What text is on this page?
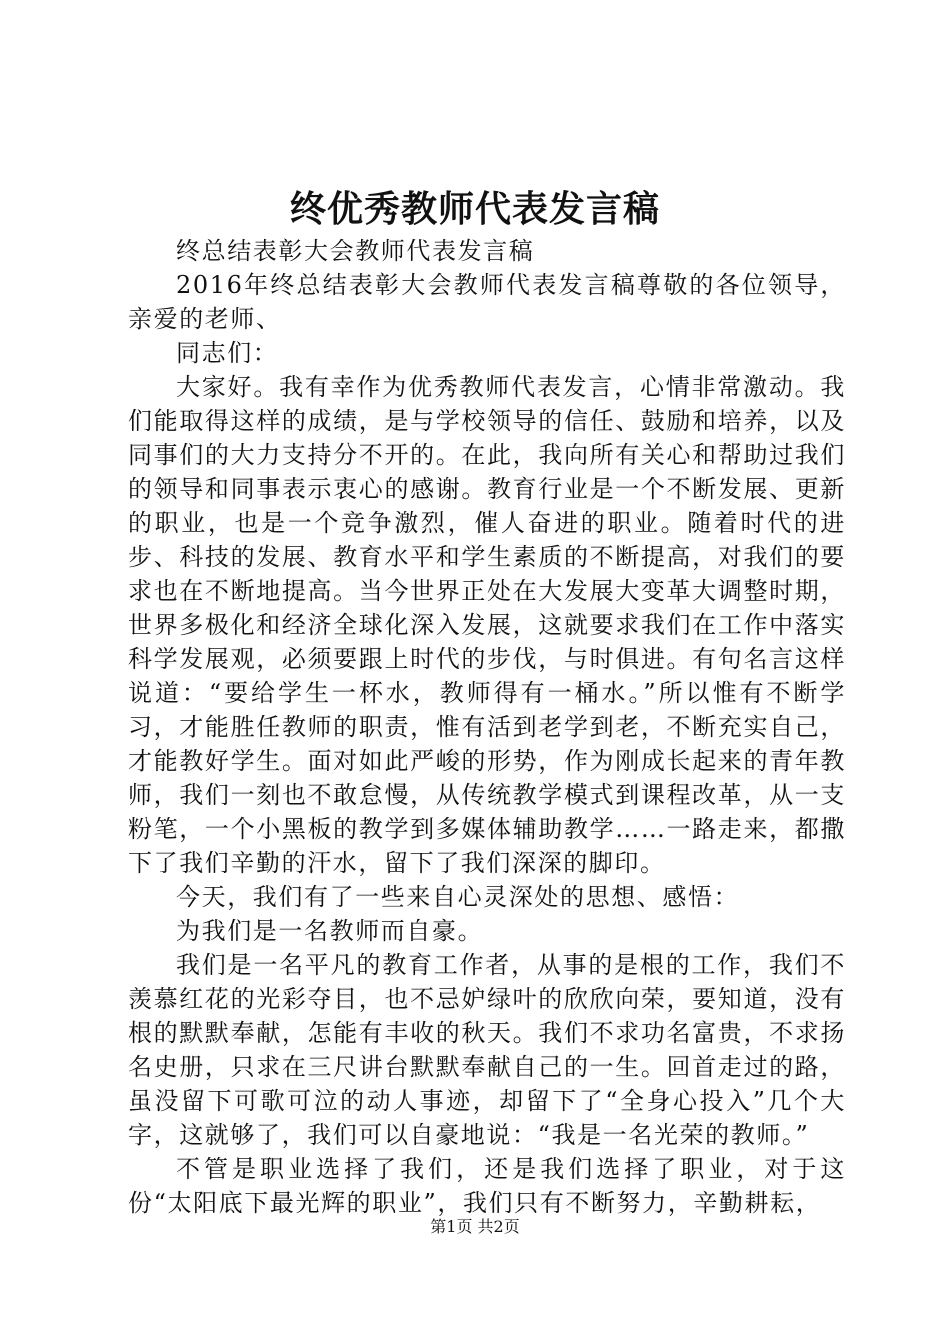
终优秀教师代表发言稿

终总结表彰大会教师代表发言稿

2016年终总结表彰大会教师代表发言稿尊敬的各位领导，亲爱的老师、

同志们：

大家好。我有幸作为优秀教师代表发言，心情非常激动。我们能取得这样的成绩，是与学校领导的信任、鼓励和培养，以及同事们的大力支持分不开的。在此，我向所有关心和帮助过我们的领导和同事表示衷心的感谢。教育行业是一个不断发展、更新的职业，也是一个竞争激烈，催人奋进的职业。随着时代的进步、科技的发展、教育水平和学生素质的不断提高，对我们的要求也在不断地提高。当今世界正处在大发展大变革大调整时期，世界多极化和经济全球化深入发展，这就要求我们在工作中落实科学发展观，必须要跟上时代的步伐，与时俱进。有句名言这样说道：“要给学生一杯水，教师得有一桶水。”所以惟有不断学习，才能胜任教师的职责，惟有活到老学到老，不断充实自己，才能教好学生。面对如此严峻的形势，作为刚成长起来的青年教师，我们一刻也不敢怠慢，从传统教学模式到课程改革，从一支粉笔，一个小黑板的教学到多媒体辅助教学……一路走来，都撒下了我们辛勤的汗水，留下了我们深深的脚印。

今天，我们有了一些来自心灵深处的思想、感悟：

为我们是一名教师而自豪。

我们是一名平凡的教育工作者，从事的是根的工作，我们不羡慕红花的光彩夺目，也不忌妒绿叶的欣欣向荣，要知道，没有根的默默奉献，怎能有丰收的秋天。我们不求功名富贵，不求扬名史册，只求在三尺讲台默默奉献自己的一生。回首走过的路，虽没留下可歌可泣的动人事迹，却留下了“全身心投入”几个大字，这就够了，我们可以自豪地说：“我是一名光荣的教师。”

不管是职业选择了我们，还是我们选择了职业，对于这份“太阳底下最光辉的职业”，我们只有不断努力，辛勤耕耘，

第1页 共2页
